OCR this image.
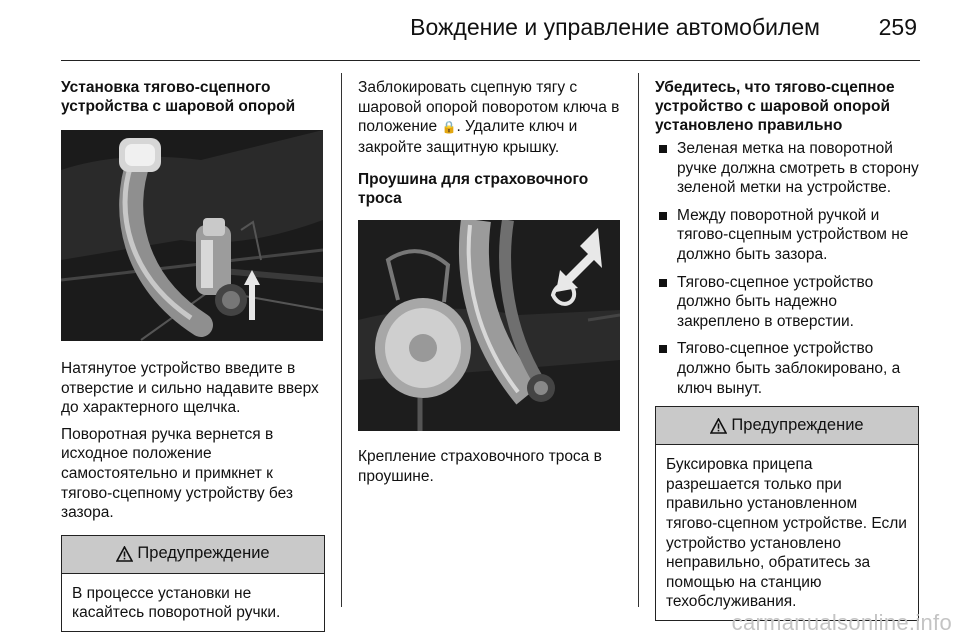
Вождение и управление автомобилем	259
Установка тягово-сцепного устройства с шаровой опорой

Натянутое устройство введите в отверстие и сильно надавите вверх до характерного щелчка.

Поворотная ручка вернется в исходное положение самостоятельно и примкнет к тягово-сцепному устройству без зазора.

Предупреждение
В процессе установки не касайтесь поворотной ручки.

Заблокировать сцепную тягу с шаровой опорой поворотом ключа в положение 🔒. Удалите ключ и закройте защитную крышку.

Проушина для страховочного троса

Крепление страховочного троса в проушине.

Убедитесь, что тягово-сцепное устройство с шаровой опорой установлено правильно
Зеленая метка на поворотной ручке должна смотреть в сторону зеленой метки на устройстве.
Между поворотной ручкой и тягово-сцепным устройством не должно быть зазора.
Тягово-сцепное устройство должно быть надежно закреплено в отверстии.
Тягово-сцепное устройство должно быть заблокировано, а ключ вынут.
Предупреждение
Буксировка прицепа разрешается только при правильно установленном тягово-сцепном устройстве. Если устройство установлено неправильно, обратитесь за помощью на станцию техобслуживания.
carmanualsonline.info
